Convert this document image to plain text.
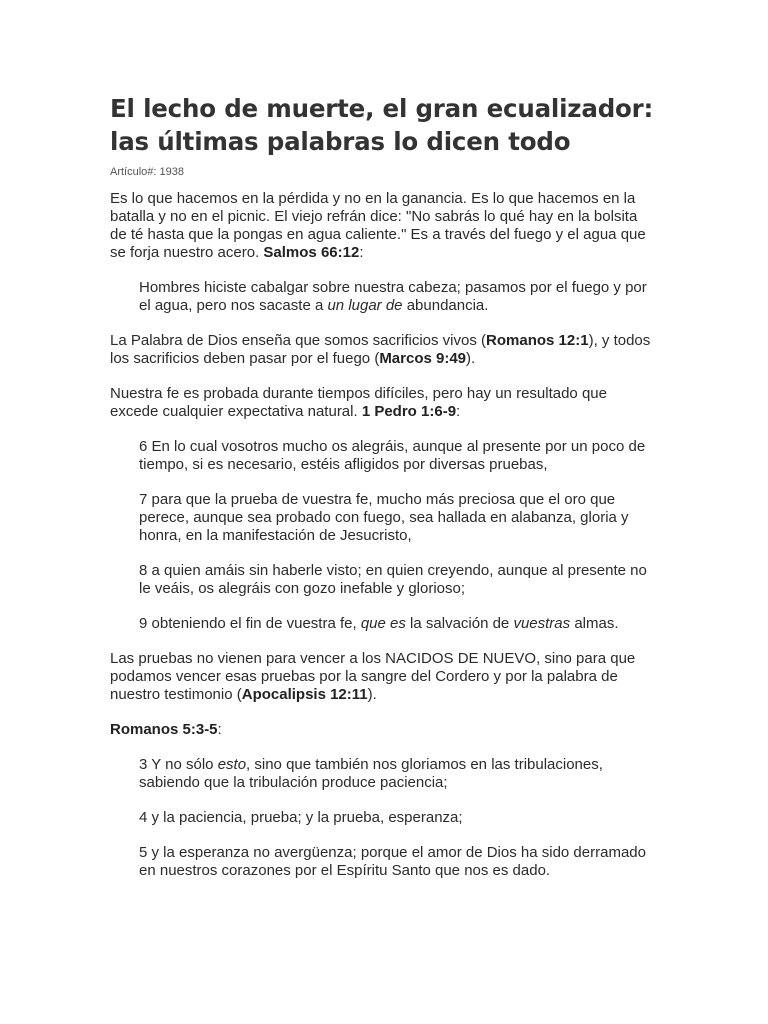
El lecho de muerte, el gran ecualizador: las últimas palabras lo dicen todo
Artículo#: 1938

Es lo que hacemos en la pérdida y no en la ganancia. Es lo que hacemos en la batalla y no en el picnic. El viejo refrán dice: "No sabrás lo qué hay en la bolsita de té hasta que la pongas en agua caliente." Es a través del fuego y el agua que se forja nuestro acero. Salmos 66:12:

Hombres hiciste cabalgar sobre nuestra cabeza; pasamos por el fuego y por el agua, pero nos sacaste a un lugar de abundancia.

La Palabra de Dios enseña que somos sacrificios vivos (Romanos 12:1), y todos los sacrificios deben pasar por el fuego (Marcos 9:49).

Nuestra fe es probada durante tiempos difíciles, pero hay un resultado que excede cualquier expectativa natural. 1 Pedro 1:6-9:

6 En lo cual vosotros mucho os alegráis, aunque al presente por un poco de tiempo, si es necesario, estéis afligidos por diversas pruebas,

7 para que la prueba de vuestra fe, mucho más preciosa que el oro que perece, aunque sea probado con fuego, sea hallada en alabanza, gloria y honra, en la manifestación de Jesucristo,

8 a quien amáis sin haberle visto; en quien creyendo, aunque al presente no le veáis, os alegráis con gozo inefable y glorioso;

9 obteniendo el fin de vuestra fe, que es la salvación de vuestras almas.

Las pruebas no vienen para vencer a los NACIDOS DE NUEVO, sino para que podamos vencer esas pruebas por la sangre del Cordero y por la palabra de nuestro testimonio (Apocalipsis 12:11).

Romanos 5:3-5:

3 Y no sólo esto, sino que también nos gloriamos en las tribulaciones, sabiendo que la tribulación produce paciencia;

4 y la paciencia, prueba; y la prueba, esperanza;

5 y la esperanza no avergüenza; porque el amor de Dios ha sido derramado en nuestros corazones por el Espíritu Santo que nos es dado.
